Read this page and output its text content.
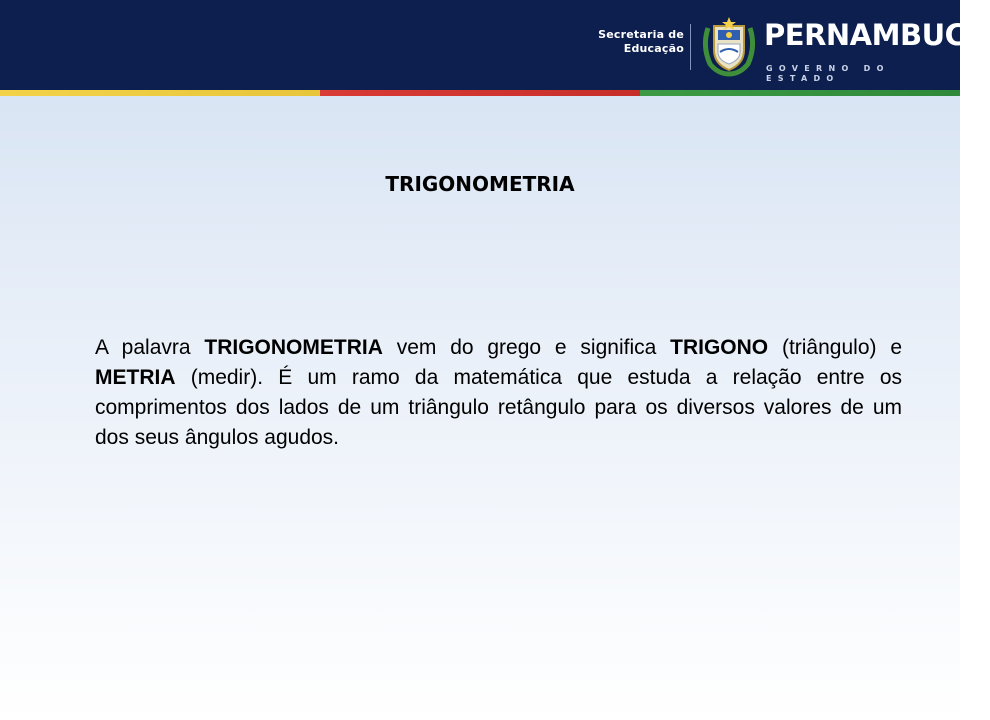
Secretaria de
Educação	PERNAMBUCO
GOVERNO DO ESTADO
TRIGONOMETRIA
A palavra TRIGONOMETRIA vem do grego e significa TRIGONO (triângulo) e METRIA (medir). É um ramo da matemática que estuda a relação entre os comprimentos dos lados de um triângulo retângulo para os diversos valores de um dos seus ângulos agudos.
